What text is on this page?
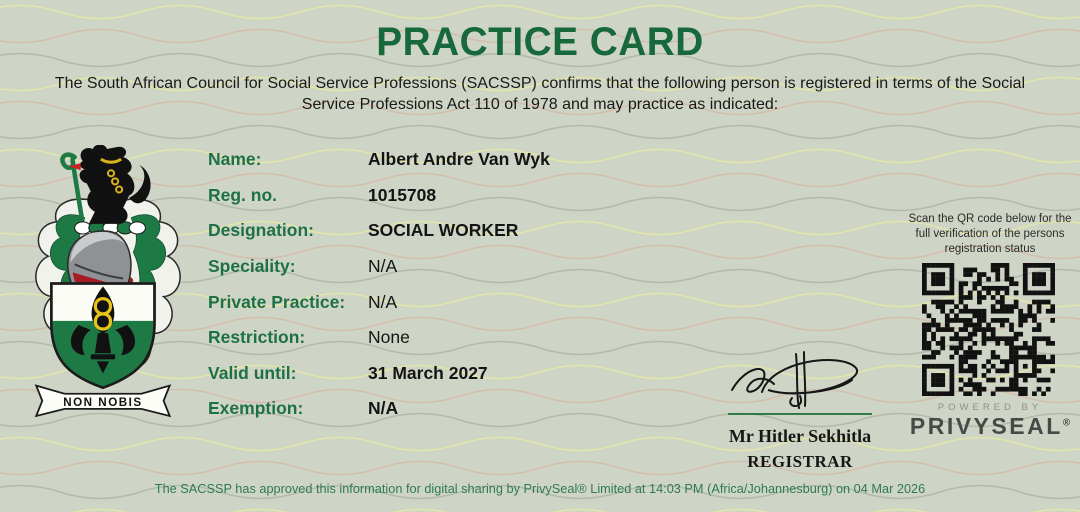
PRACTICE CARD
The South African Council for Social Service Professions (SACSSP) confirms that the following person is registered in terms of the Social Service Professions Act 110 of 1978 and may practice as indicated:
NON NOBIS
Name:	Albert Andre Van Wyk
Reg. no.	1015708
Designation:	SOCIAL WORKER
Speciality:	N/A
Private Practice:	N/A
Restriction:	None
Valid until:	31 March 2027
Exemption:	N/A
Scan the QR code below for the full verification of the persons registration status
POWERED BY
PRIVYSEAL®
Mr Hitler Sekhitla
REGISTRAR
The SACSSP has approved this information for digital sharing by PrivySeal® Limited at 14:03 PM (Africa/Johannesburg) on 04 Mar 2026
